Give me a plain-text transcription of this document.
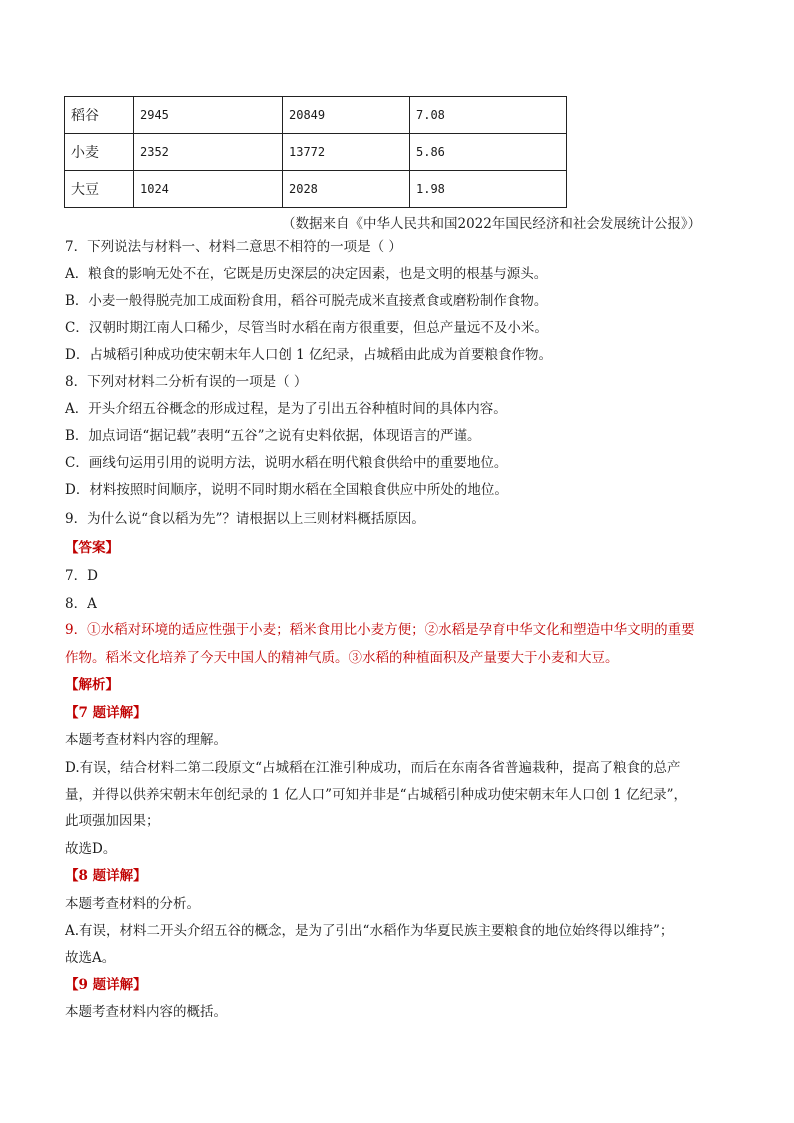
稻谷	2945	20849	7.08
小麦	2352	13772	5.86
大豆	1024	2028	1.98
（数据来自《中华人民共和国2022年国民经济和社会发展统计公报》）
7．下列说法与材料一、材料二意思不相符的一项是（ ）
A．粮食的影响无处不在，它既是历史深层的决定因素，也是文明的根基与源头。
B．小麦一般得脱壳加工成面粉食用，稻谷可脱壳成米直接煮食或磨粉制作食物。
C．汉朝时期江南人口稀少，尽管当时水稻在南方很重要，但总产量远不及小米。
D．占城稻引种成功使宋朝末年人口创 1 亿纪录，占城稻由此成为首要粮食作物。
8．下列对材料二分析有误的一项是（ ）
A．开头介绍五谷概念的形成过程，是为了引出五谷种植时间的具体内容。
B．加点词语“据记载”表明“五谷”之说有史料依据，体现语言的严谨。
C．画线句运用引用的说明方法，说明水稻在明代粮食供给中的重要地位。
D．材料按照时间顺序，说明不同时期水稻在全国粮食供应中所处的地位。
9．为什么说“食以稻为先”？请根据以上三则材料概括原因。
【答案】
7．D
8．A
9．①水稻对环境的适应性强于小麦；稻米食用比小麦方便；②水稻是孕育中华文化和塑造中华文明的重要
作物。稻米文化培养了今天中国人的精神气质。③水稻的种植面积及产量要大于小麦和大豆。
【解析】
【7 题详解】
本题考查材料内容的理解。
D.有误，结合材料二第二段原文“占城稻在江淮引种成功，而后在东南各省普遍栽种，提高了粮食的总产
量，并得以供养宋朝末年创纪录的 1 亿人口”可知并非是“占城稻引种成功使宋朝末年人口创 1 亿纪录”，
此项强加因果；
故选D。
【8 题详解】
本题考查材料的分析。
A.有误，材料二开头介绍五谷的概念，是为了引出“水稻作为华夏民族主要粮食的地位始终得以维持”；
故选A。
【9 题详解】
本题考查材料内容的概括。
